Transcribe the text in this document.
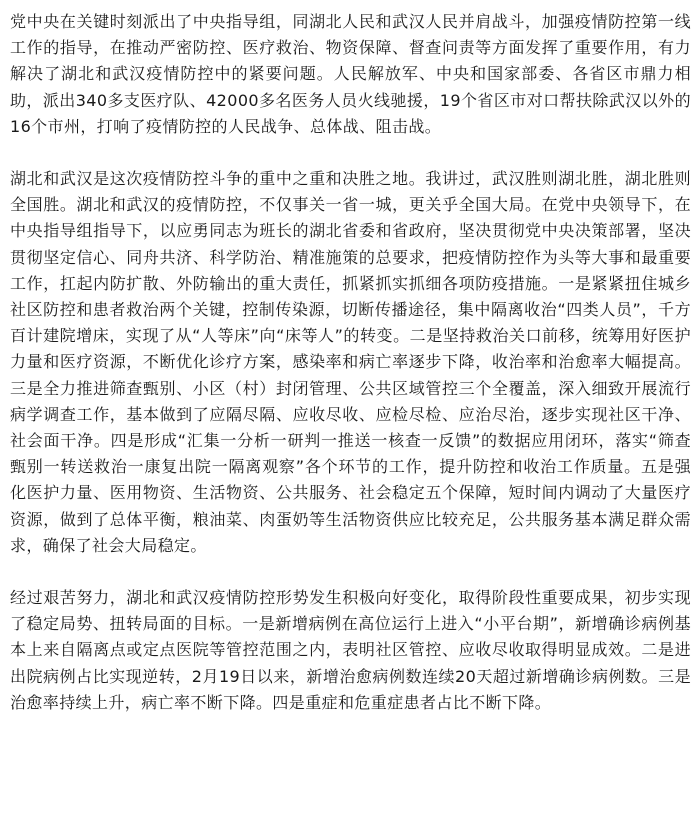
党中央在关键时刻派出了中央指导组，同湖北人民和武汉人民并肩战斗，加强疫情防控第一线工作的指导，在推动严密防控、医疗救治、物资保障、督查问责等方面发挥了重要作用，有力解决了湖北和武汉疫情防控中的紧要问题。人民解放军、中央和国家部委、各省区市鼎力相助，派出340多支医疗队、42000多名医务人员火线驰援，19个省区市对口帮扶除武汉以外的16个市州，打响了疫情防控的人民战争、总体战、阻击战。

湖北和武汉是这次疫情防控斗争的重中之重和决胜之地。我讲过，武汉胜则湖北胜，湖北胜则全国胜。湖北和武汉的疫情防控，不仅事关一省一城，更关乎全国大局。在党中央领导下，在中央指导组指导下，以应勇同志为班长的湖北省委和省政府，坚决贯彻党中央决策部署，坚决贯彻坚定信心、同舟共济、科学防治、精准施策的总要求，把疫情防控作为头等大事和最重要工作，扛起内防扩散、外防输出的重大责任，抓紧抓实抓细各项防疫措施。一是紧紧扭住城乡社区防控和患者救治两个关键，控制传染源，切断传播途径，集中隔离收治“四类人员”，千方百计建院增床，实现了从“人等床”向“床等人”的转变。二是坚持救治关口前移，统筹用好医护力量和医疗资源，不断优化诊疗方案，感染率和病亡率逐步下降，收治率和治愈率大幅提高。三是全力推进筛查甄别、小区（村）封闭管理、公共区域管控三个全覆盖，深入细致开展流行病学调查工作，基本做到了应隔尽隔、应收尽收、应检尽检、应治尽治，逐步实现社区干净、社会面干净。四是形成“汇集一分析一研判一推送一核查一反馈”的数据应用闭环，落实“筛查甄别一转送救治一康复出院一隔离观察”各个环节的工作，提升防控和收治工作质量。五是强化医护力量、医用物资、生活物资、公共服务、社会稳定五个保障，短时间内调动了大量医疗资源，做到了总体平衡，粮油菜、肉蛋奶等生活物资供应比较充足，公共服务基本满足群众需求，确保了社会大局稳定。

经过艰苦努力，湖北和武汉疫情防控形势发生积极向好变化，取得阶段性重要成果，初步实现了稳定局势、扭转局面的目标。一是新增病例在高位运行上进入“小平台期”，新增确诊病例基本上来自隔离点或定点医院等管控范围之内，表明社区管控、应收尽收取得明显成效。二是进出院病例占比实现逆转，2月19日以来，新增治愈病例数连续20天超过新增确诊病例数。三是治愈率持续上升，病亡率不断下降。四是重症和危重症患者占比不断下降。
